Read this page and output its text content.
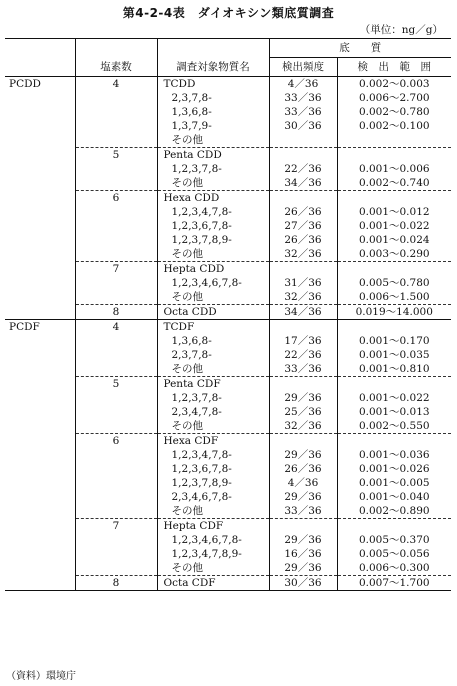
第4-2-4表　ダイオキシン類底質調査
（単位：ng／g）
			底　　質	
	塩素数	調査対象物質名	検出頻度	検　出　範　囲
PCDD	4	TCDD	4／36	0.002～0.003
		2,3,7,8-	33／36	0.006～2.700
		1,3,6,8-	33／36	0.002～0.780
		1,3,7,9-	30／36	0.002～0.100
		その他		
	5	Penta CDD		
		1,2,3,7,8-	22／36	0.001～0.006
		その他	34／36	0.002～0.740
	6	Hexa CDD		
		1,2,3,4,7,8-	26／36	0.001～0.012
		1,2,3,6,7,8-	27／36	0.001～0.022
		1,2,3,7,8,9-	26／36	0.001～0.024
		その他	32／36	0.003～0.290
	7	Hepta CDD		
		1,2,3,4,6,7,8-	31／36	0.005～0.780
		その他	32／36	0.006～1.500
	8	Octa CDD	34／36	0.019～14.000
PCDF	4	TCDF		
		1,3,6,8-	17／36	0.001～0.170
		2,3,7,8-	22／36	0.001～0.035
		その他	33／36	0.001～0.810
	5	Penta CDF		
		1,2,3,7,8-	29／36	0.001～0.022
		2,3,4,7,8-	25／36	0.001～0.013
		その他	32／36	0.002～0.550
	6	Hexa CDF		
		1,2,3,4,7,8-	29／36	0.001～0.036
		1,2,3,6,7,8-	26／36	0.001～0.026
		1,2,3,7,8,9-	4／36	0.001～0.005
		2,3,4,6,7,8-	29／36	0.001～0.040
		その他	33／36	0.002～0.890
	7	Hepta CDF		
		1,2,3,4,6,7,8-	29／36	0.005～0.370
		1,2,3,4,7,8,9-	16／36	0.005～0.056
		その他	29／36	0.006～0.300
	8	Octa CDF	30／36	0.007～1.700
（資料）環境庁
